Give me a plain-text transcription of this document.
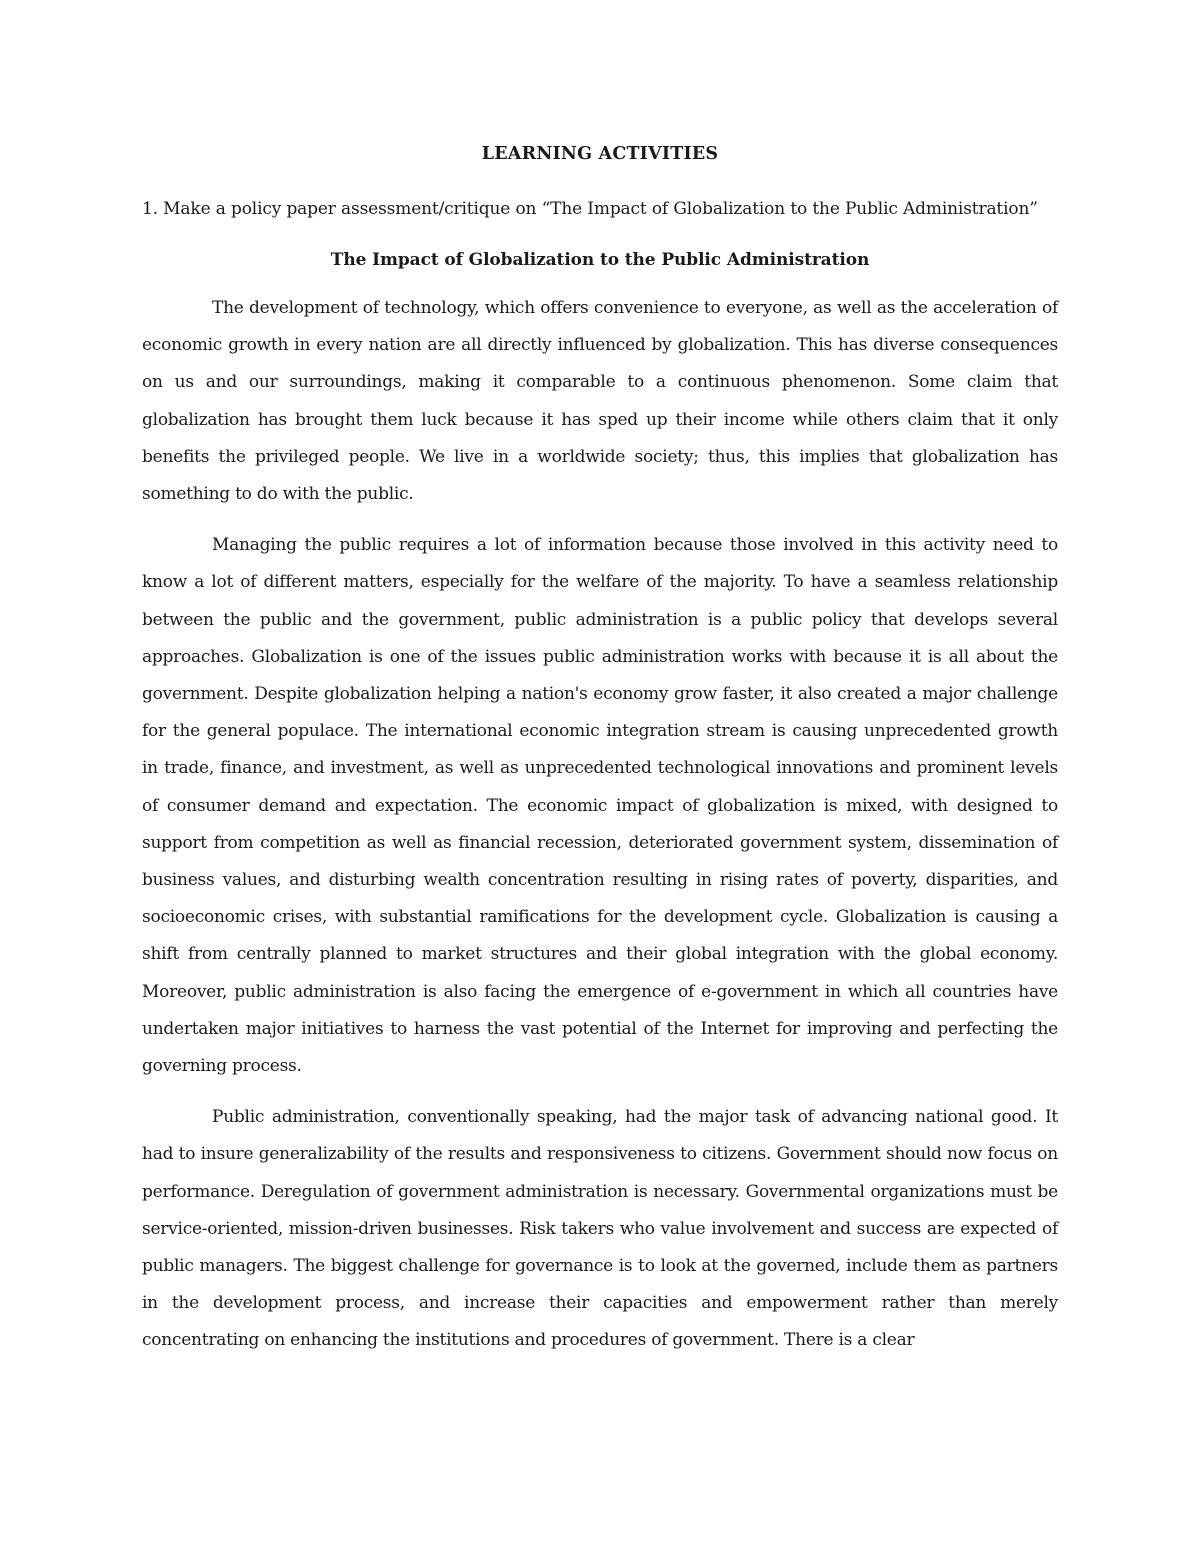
LEARNING ACTIVITIES

1. Make a policy paper assessment/critique on “The Impact of Globalization to the Public Administration”

The Impact of Globalization to the Public Administration

The development of technology, which offers convenience to everyone, as well as the acceleration of economic growth in every nation are all directly influenced by globalization. This has diverse consequences on us and our surroundings, making it comparable to a continuous phenomenon. Some claim that globalization has brought them luck because it has sped up their income while others claim that it only benefits the privileged people. We live in a worldwide society; thus, this implies that globalization has something to do with the public.

Managing the public requires a lot of information because those involved in this activity need to know a lot of different matters, especially for the welfare of the majority. To have a seamless relationship between the public and the government, public administration is a public policy that develops several approaches. Globalization is one of the issues public administration works with because it is all about the government. Despite globalization helping a nation's economy grow faster, it also created a major challenge for the general populace. The international economic integration stream is causing unprecedented growth in trade, finance, and investment, as well as unprecedented technological innovations and prominent levels of consumer demand and expectation. The economic impact of globalization is mixed, with designed to support from competition as well as financial recession, deteriorated government system, dissemination of business values, and disturbing wealth concentration resulting in rising rates of poverty, disparities, and socioeconomic crises, with substantial ramifications for the development cycle. Globalization is causing a shift from centrally planned to market structures and their global integration with the global economy. Moreover, public administration is also facing the emergence of e-government in which all countries have undertaken major initiatives to harness the vast potential of the Internet for improving and perfecting the governing process.

Public administration, conventionally speaking, had the major task of advancing national good. It had to insure generalizability of the results and responsiveness to citizens. Government should now focus on performance. Deregulation of government administration is necessary. Governmental organizations must be service-oriented, mission-driven businesses. Risk takers who value involvement and success are expected of public managers. The biggest challenge for governance is to look at the governed, include them as partners in the development process, and increase their capacities and empowerment rather than merely concentrating on enhancing the institutions and procedures of government. There is a clear
